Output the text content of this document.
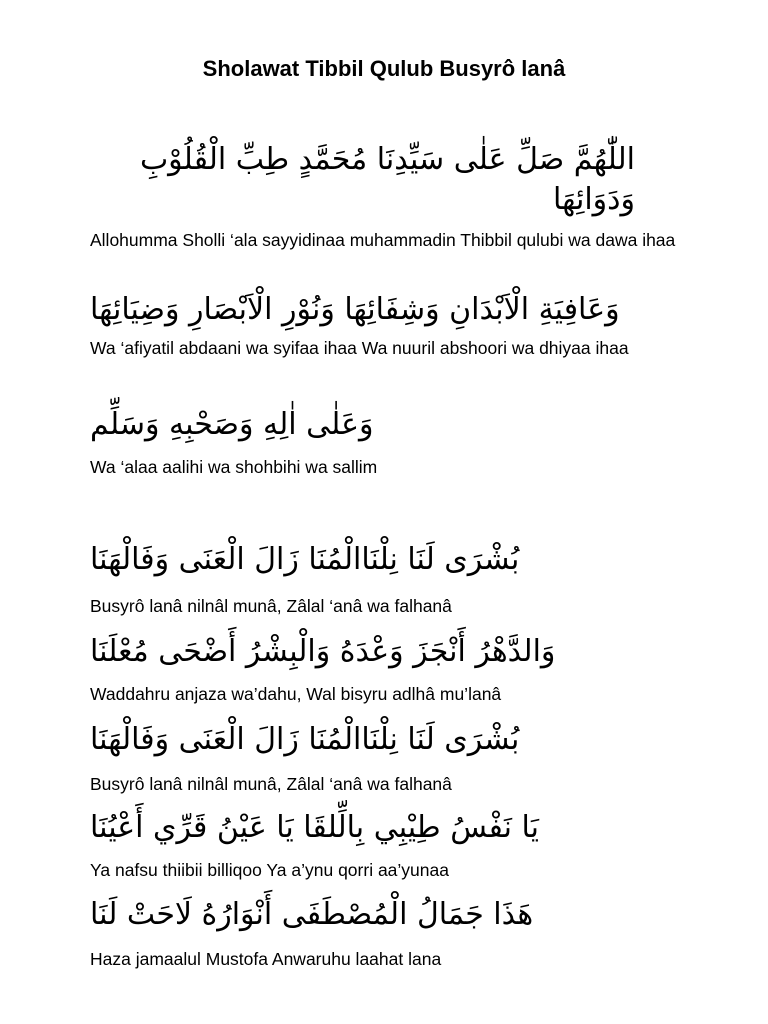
Sholawat Tibbil Qulub Busyrô lanâ
اللّٰهُمَّ صَلِّ عَلٰى سَيِّدِنَا مُحَمَّدٍ طِبِّ الْقُلُوْبِ وَدَوَائِهَا
Allohumma Sholli ‘ala sayyidinaa muhammadin Thibbil qulubi wa dawa ihaa
وَعَافِيَةِ الْاَبْدَانِ وَشِفَائِهَا وَنُوْرِ الْاَبْصَارِ وَضِيَائِهَا
Wa ‘afiyatil abdaani wa syifaa ihaa Wa nuuril abshoori wa dhiyaa ihaa
وَعَلٰى اٰلِهِ وَصَحْبِهِ وَسَلِّم
Wa ‘alaa aalihi wa shohbihi wa sallim
بُشْرَى لَنَا نِلْنَاالْمُنَا زَالَ الْعَنَى وَفَالْهَنَا
Busyrô lanâ nilnâl munâ, Zâlal ‘anâ wa falhanâ
وَالدَّهْرُ أَنْجَزَ وَعْدَهُ وَالْبِشْرُ أَضْحَى مُعْلَنَا
Waddahru anjaza wa’dahu, Wal bisyru adlhâ mu’lanâ
بُشْرَى لَنَا نِلْنَاالْمُنَا زَالَ الْعَنَى وَفَالْهَنَا
Busyrô lanâ nilnâl munâ, Zâlal ‘anâ wa falhanâ
يَا نَفْسُ طِيْبِي بِالِّلقَا يَا عَيْنُ قَرِّي أَعْيُنَا
Ya nafsu thiibii billiqoo Ya a’ynu qorri aa’yunaa
هَذَا جَمَالُ الْمُصْطَفَى أَنْوَارُهُ لَاحَتْ لَنَا
Haza jamaalul Mustofa Anwaruhu laahat lana
